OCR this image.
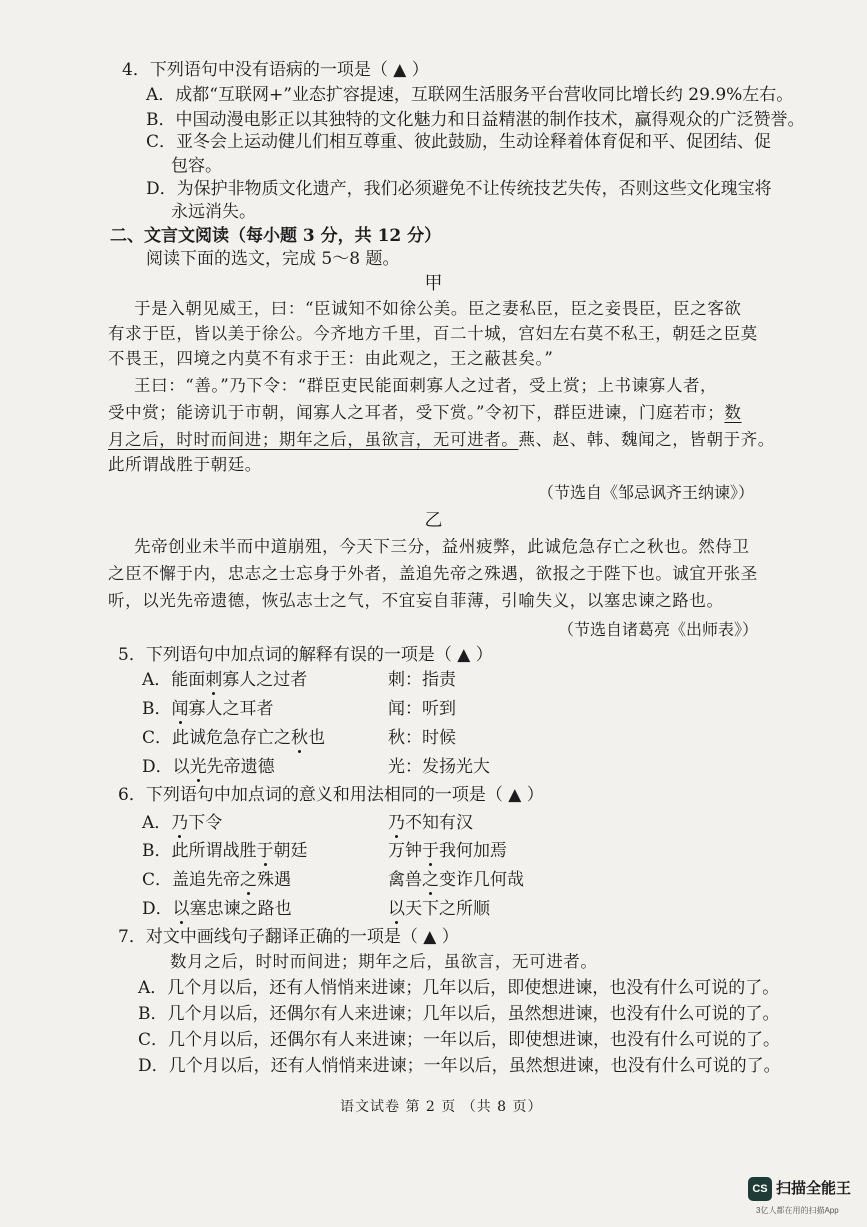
4．下列语句中没有语病的一项是（ ▲ ）
A．成都“互联网+”业态扩容提速，互联网生活服务平台营收同比增长约 29.9%左右。
B．中国动漫电影正以其独特的文化魅力和日益精湛的制作技术，赢得观众的广泛赞誉。
C．亚冬会上运动健儿们相互尊重、彼此鼓励，生动诠释着体育促和平、促团结、促
包容。
D．为保护非物质文化遗产，我们必须避免不让传统技艺失传，否则这些文化瑰宝将
永远消失。
二、文言文阅读（每小题 3 分，共 12 分）
阅读下面的选文，完成 5～8 题。
甲
于是入朝见威王，曰：“臣诚知不如徐公美。臣之妻私臣，臣之妾畏臣，臣之客欲
有求于臣，皆以美于徐公。今齐地方千里，百二十城，宫妇左右莫不私王，朝廷之臣莫
不畏王，四境之内莫不有求于王：由此观之，王之蔽甚矣。”
王曰：“善。”乃下令：“群臣吏民能面刺寡人之过者，受上赏；上书谏寡人者，
受中赏；能谤讥于市朝，闻寡人之耳者，受下赏。”令初下，群臣进谏，门庭若市；数
月之后，时时而间进；期年之后，虽欲言，无可进者。燕、赵、韩、魏闻之，皆朝于齐。
此所谓战胜于朝廷。
（节选自《邹忌讽齐王纳谏》）
乙
先帝创业未半而中道崩殂，今天下三分，益州疲弊，此诚危急存亡之秋也。然侍卫
之臣不懈于内，忠志之士忘身于外者，盖追先帝之殊遇，欲报之于陛下也。诚宜开张圣
听，以光先帝遗德，恢弘志士之气，不宜妄自菲薄，引喻失义，以塞忠谏之路也。
（节选自诸葛亮《出师表》）
5．下列语句中加点词的解释有误的一项是（ ▲ ）
A．能面刺寡人之过者	刺：指责
B．闻寡人之耳者	闻：听到
C．此诚危急存亡之秋也	秋：时候
D．以光先帝遗德	光：发扬光大
6．下列语句中加点词的意义和用法相同的一项是（ ▲ ）
A．乃下令	乃不知有汉
B．此所谓战胜于朝廷	万钟于我何加焉
C．盖追先帝之殊遇	禽兽之变诈几何哉
D．以塞忠谏之路也	以天下之所顺
7．对文中画线句子翻译正确的一项是（ ▲ ）
数月之后，时时而间进；期年之后，虽欲言，无可进者。
A．几个月以后，还有人悄悄来进谏；几年以后，即使想进谏，也没有什么可说的了。
B．几个月以后，还偶尔有人来进谏；几年以后，虽然想进谏，也没有什么可说的了。
C．几个月以后，还偶尔有人来进谏；一年以后，即使想进谏，也没有什么可说的了。
D．几个月以后，还有人悄悄来进谏；一年以后，虽然想进谏，也没有什么可说的了。
语文试卷 第 2 页 （共 8 页）
CS 扫描全能王
3亿人都在用的扫描App
